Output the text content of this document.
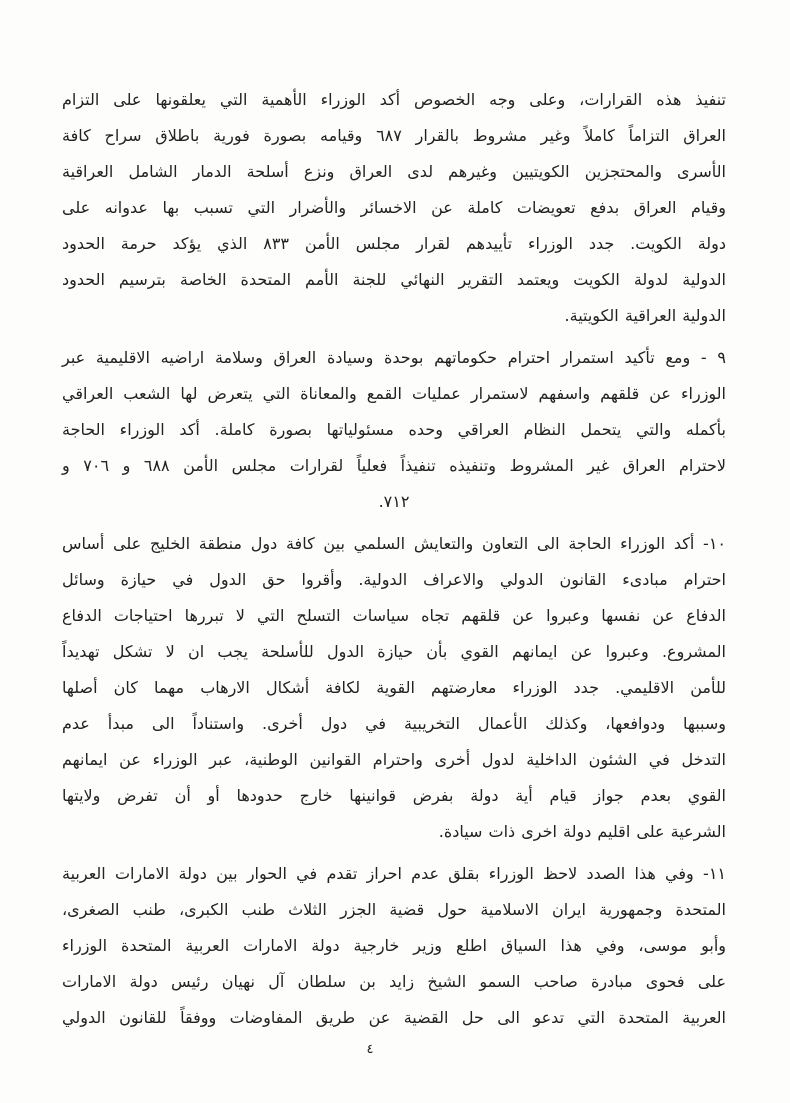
تنفيذ هذه القرارات، وعلى وجه الخصوص أكد الوزراء الأهمية التي يعلقونها على التزام
العراق التزاماً كاملاً وغير مشروط بالقرار ٦٨٧ وقيامه بصورة فورية باطلاق سراح كافة
الأسرى والمحتجزين الكويتيين وغيرهم لدى العراق ونزع أسلحة الدمار الشامل العراقية
وقيام العراق بدفع تعويضات كاملة عن الاخسائر والأضرار التي تسبب بها عدوانه على
دولة الكويت. جدد الوزراء تأييدهم لقرار مجلس الأمن ٨٣٣ الذي يؤكد حرمة الحدود
الدولية لدولة الكويت ويعتمد التقرير النهائي للجنة الأمم المتحدة الخاصة بترسيم الحدود
الدولية العراقية الكويتية.
٩ - ومع تأكيد استمرار احترام حكوماتهم بوحدة وسيادة العراق وسلامة اراضيه الاقليمية عبر
الوزراء عن قلقهم واسفهم لاستمرار عمليات القمع والمعاناة التي يتعرض لها الشعب العراقي
بأكمله والتي يتحمل النظام العراقي وحده مسئولياتها بصورة كاملة. أكد الوزراء الحاجة
لاحترام العراق غير المشروط وتنفيذه تنفيذاً فعلياً لقرارات مجلس الأمن ٦٨٨ و ٧٠٦ و
٧١٢.
١٠- أكد الوزراء الحاجة الى التعاون والتعايش السلمي بين كافة دول منطقة الخليج على أساس
احترام مبادىء القانون الدولي والاعراف الدولية. وأقروا حق الدول في حيازة وسائل
الدفاع عن نفسها وعبروا عن قلقهم تجاه سياسات التسلح التي لا تبررها احتياجات الدفاع
المشروع. وعبروا عن ايمانهم القوي بأن حيازة الدول للأسلحة يجب ان لا تشكل تهديداً
للأمن الاقليمي. جدد الوزراء معارضتهم القوية لكافة أشكال الارهاب مهما كان أصلها
وسببها ودوافعها، وكذلك الأعمال التخريبية في دول أخرى. واستناداً الى مبدأ عدم
التدخل في الشئون الداخلية لدول أخرى واحترام القوانين الوطنية، عبر الوزراء عن ايمانهم
القوي بعدم جواز قيام أية دولة بفرض قوانينها خارج حدودها أو أن تفرض ولايتها
الشرعية على اقليم دولة اخرى ذات سيادة.
١١- وفي هذا الصدد لاحظ الوزراء بقلق عدم احراز تقدم في الحوار بين دولة الامارات العربية
المتحدة وجمهورية ايران الاسلامية حول قضية الجزر الثلاث طنب الكبرى، طنب الصغرى،
وأبو موسى، وفي هذا السياق اطلع وزير خارجية دولة الامارات العربية المتحدة الوزراء
على فحوى مبادرة صاحب السمو الشيخ زايد بن سلطان آل نهيان رئيس دولة الامارات
العربية المتحدة التي تدعو الى حل القضية عن طريق المفاوضات ووفقاً للقانون الدولي
٤
